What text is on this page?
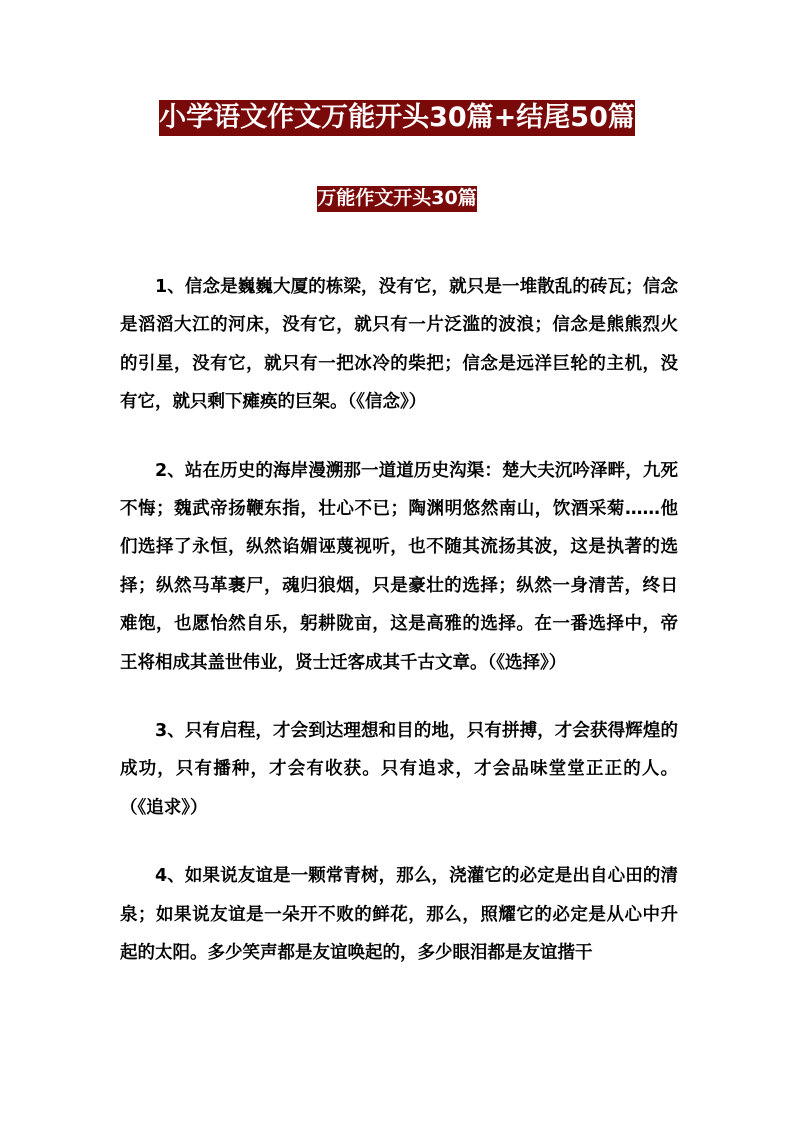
小学语文作文万能开头30篇+结尾50篇
万能作文开头30篇

1、信念是巍巍大厦的栋梁，没有它，就只是一堆散乱的砖瓦；信念是滔滔大江的河床，没有它，就只有一片泛滥的波浪；信念是熊熊烈火的引星，没有它，就只有一把冰冷的柴把；信念是远洋巨轮的主机，没有它，就只剩下瘫痪的巨架。（《信念》）

2、站在历史的海岸漫溯那一道道历史沟渠：楚大夫沉吟泽畔，九死不悔；魏武帝扬鞭东指，壮心不已；陶渊明悠然南山，饮酒采菊……他们选择了永恒，纵然谄媚诬蔑视听，也不随其流扬其波，这是执著的选择；纵然马革裹尸，魂归狼烟，只是豪壮的选择；纵然一身清苦，终日难饱，也愿怡然自乐，躬耕陇亩，这是高雅的选择。在一番选择中，帝王将相成其盖世伟业，贤士迁客成其千古文章。（《选择》）

3、只有启程，才会到达理想和目的地，只有拼搏，才会获得辉煌的成功，只有播种，才会有收获。只有追求，才会品味堂堂正正的人。（《追求》）

4、如果说友谊是一颗常青树，那么，浇灌它的必定是出自心田的清泉；如果说友谊是一朵开不败的鲜花，那么，照耀它的必定是从心中升起的太阳。多少笑声都是友谊唤起的，多少眼泪都是友谊揩干
